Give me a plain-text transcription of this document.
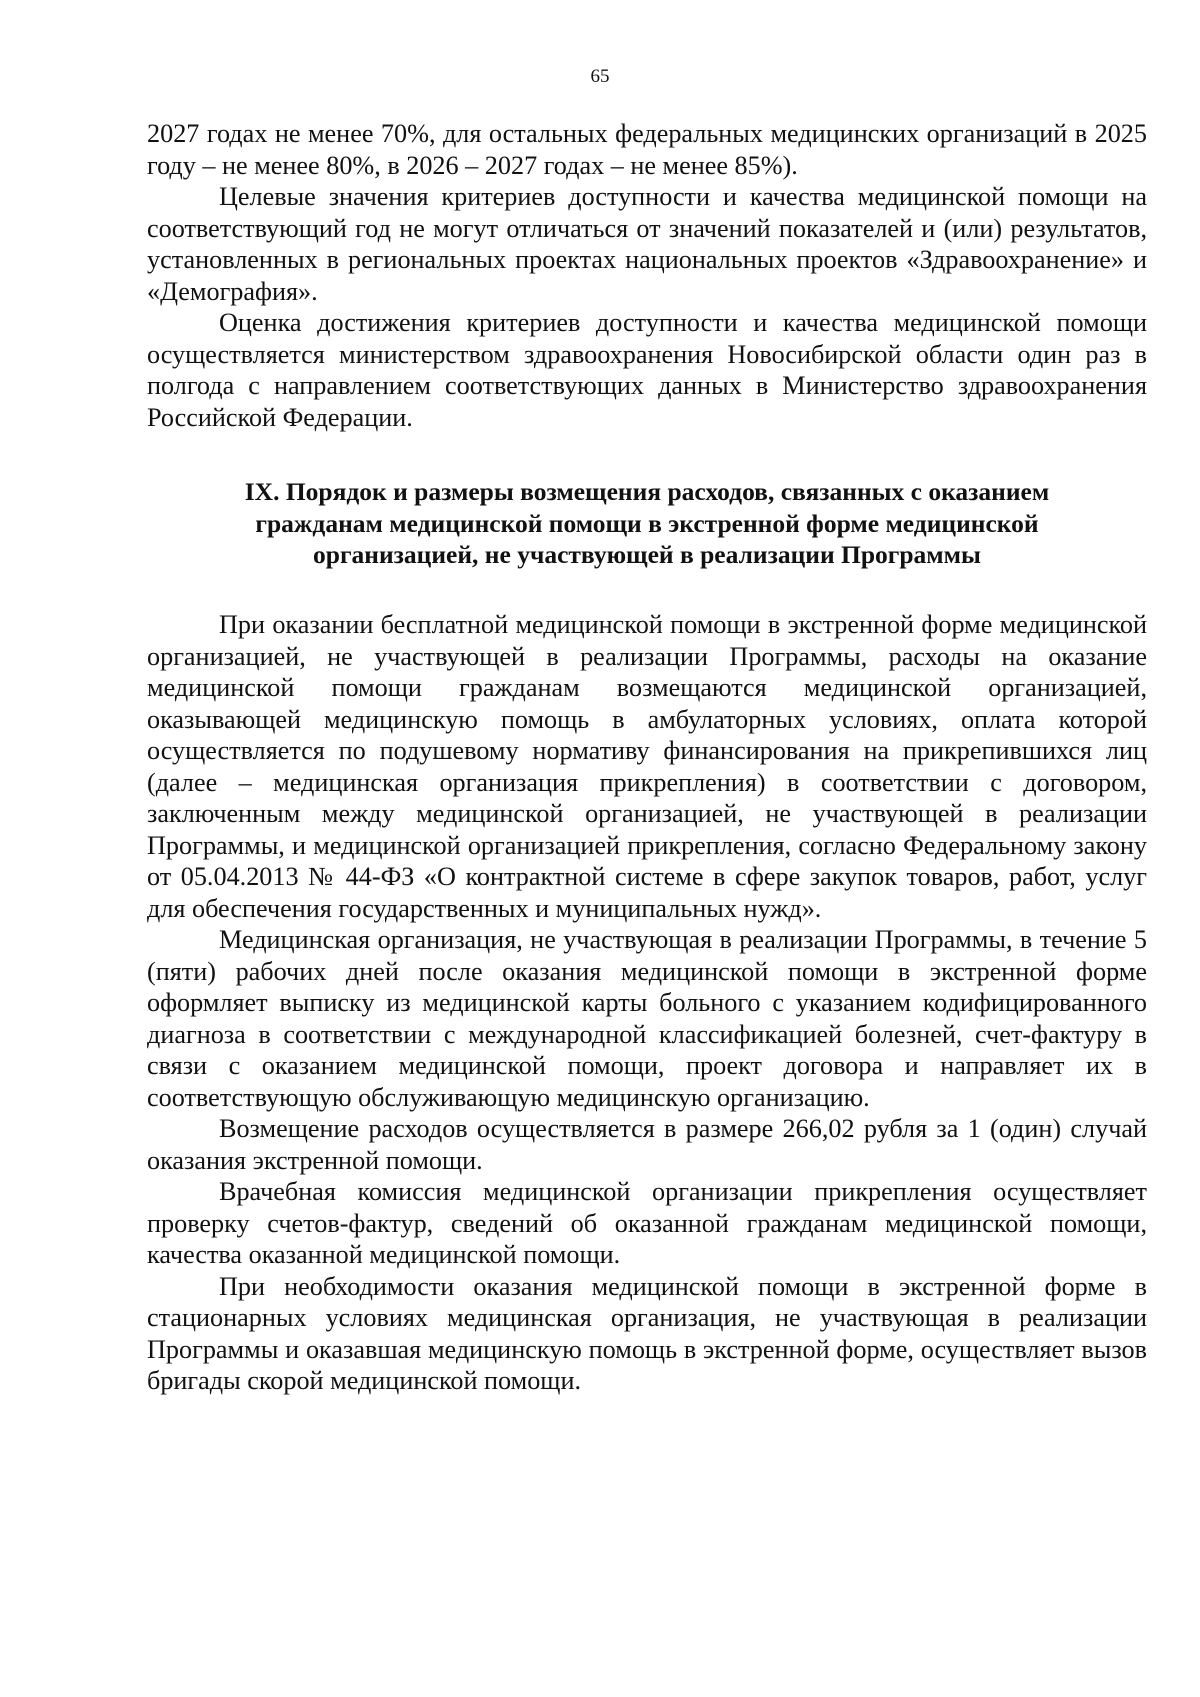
65

2027 годах не менее 70%, для остальных федеральных медицинских организаций в 2025 году – не менее 80%, в 2026 – 2027 годах – не менее 85%).

Целевые значения критериев доступности и качества медицинской помощи на соответствующий год не могут отличаться от значений показателей и (или) результатов, установленных в региональных проектах национальных проектов «Здравоохранение» и «Демография».

Оценка достижения критериев доступности и качества медицинской помощи осуществляется министерством здравоохранения Новосибирской области один раз в полгода с направлением соответствующих данных в Министерство здравоохранения Российской Федерации.

IX. Порядок и размеры возмещения расходов, связанных с оказанием
гражданам медицинской помощи в экстренной форме медицинской
организацией, не участвующей в реализации Программы

При оказании бесплатной медицинской помощи в экстренной форме медицинской организацией, не участвующей в реализации Программы, расходы на оказание медицинской помощи гражданам возмещаются медицинской организацией, оказывающей медицинскую помощь в амбулаторных условиях, оплата которой осуществляется по подушевому нормативу финансирования на прикрепившихся лиц (далее – медицинская организация прикрепления) в соответствии с договором, заключенным между медицинской организацией, не участвующей в реализации Программы, и медицинской организацией прикрепления, согласно Федеральному закону от 05.04.2013 № 44-ФЗ «О контрактной системе в сфере закупок товаров, работ, услуг для обеспечения государственных и муниципальных нужд».

Медицинская организация, не участвующая в реализации Программы, в течение 5 (пяти) рабочих дней после оказания медицинской помощи в экстренной форме оформляет выписку из медицинской карты больного с указанием кодифицированного диагноза в соответствии с международной классификацией болезней, счет-фактуру в связи с оказанием медицинской помощи, проект договора и направляет их в соответствующую обслуживающую медицинскую организацию.

Возмещение расходов осуществляется в размере 266,02 рубля за 1 (один) случай оказания экстренной помощи.

Врачебная комиссия медицинской организации прикрепления осуществляет проверку счетов-фактур, сведений об оказанной гражданам медицинской помощи, качества оказанной медицинской помощи.

При необходимости оказания медицинской помощи в экстренной форме в стационарных условиях медицинская организация, не участвующая в реализации Программы и оказавшая медицинскую помощь в экстренной форме, осуществляет вызов бригады скорой медицинской помощи.
